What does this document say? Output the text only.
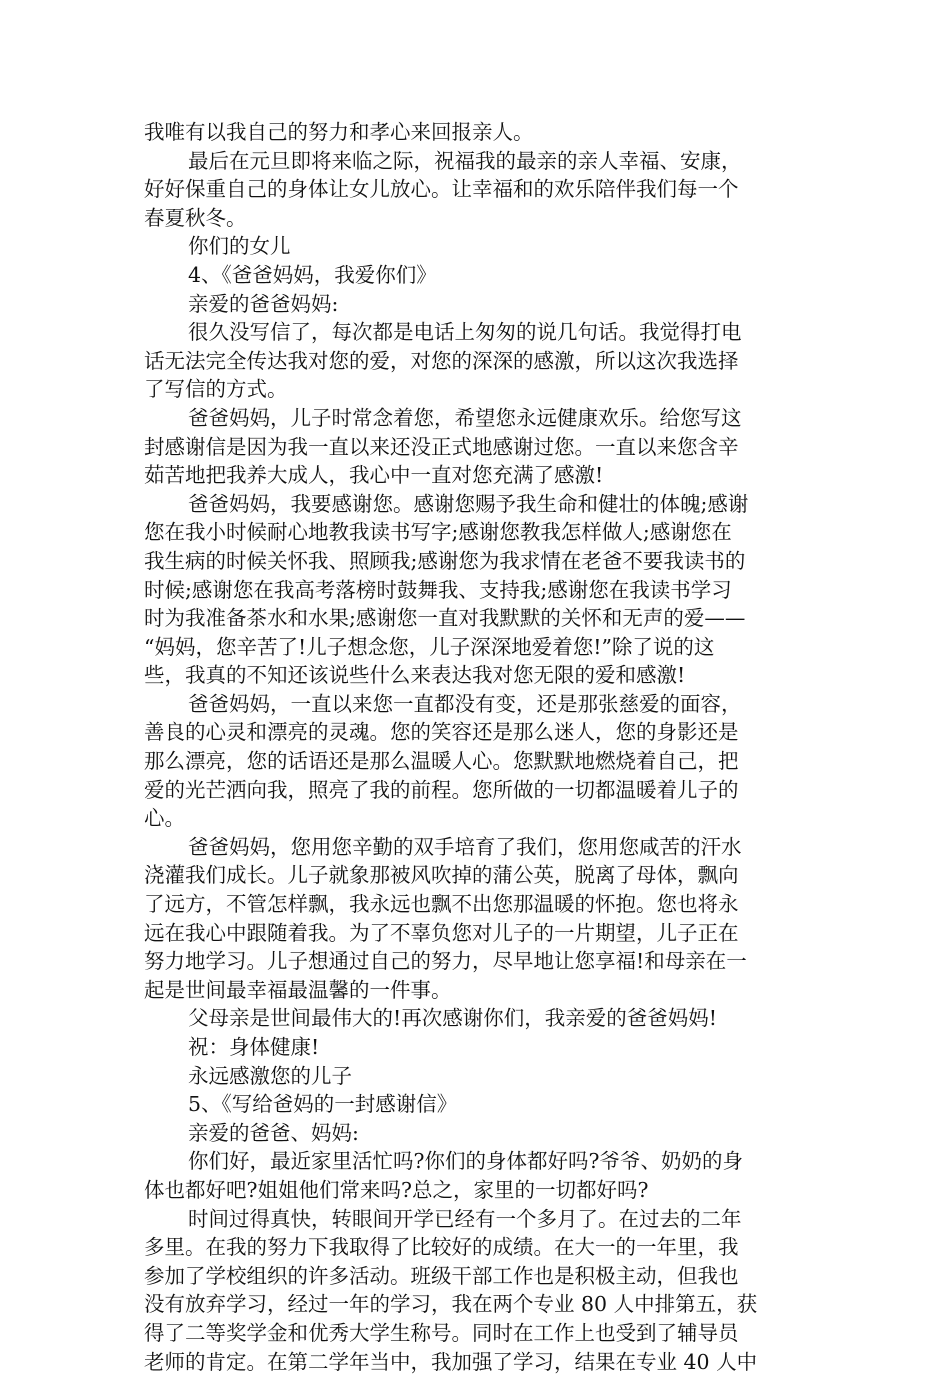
我唯有以我自己的努力和孝心来回报亲人。
最后在元旦即将来临之际，祝福我的最亲的亲人幸福、安康，
好好保重自己的身体让女儿放心。让幸福和的欢乐陪伴我们每一个
春夏秋冬。
你们的女儿
4、《爸爸妈妈，我爱你们》
亲爱的爸爸妈妈:
很久没写信了，每次都是电话上匆匆的说几句话。我觉得打电
话无法完全传达我对您的爱，对您的深深的感激，所以这次我选择
了写信的方式。
爸爸妈妈，儿子时常念着您，希望您永远健康欢乐。给您写这
封感谢信是因为我一直以来还没正式地感谢过您。一直以来您含辛
茹苦地把我养大成人，我心中一直对您充满了感激!
爸爸妈妈，我要感谢您。感谢您赐予我生命和健壮的体魄;感谢
您在我小时候耐心地教我读书写字;感谢您教我怎样做人;感谢您在
我生病的时候关怀我、照顾我;感谢您为我求情在老爸不要我读书的
时候;感谢您在我高考落榜时鼓舞我、支持我;感谢您在我读书学习
时为我准备茶水和水果;感谢您一直对我默默的关怀和无声的爱——
“妈妈，您辛苦了!儿子想念您，儿子深深地爱着您!”除了说的这
些，我真的不知还该说些什么来表达我对您无限的爱和感激!
爸爸妈妈，一直以来您一直都没有变，还是那张慈爱的面容，
善良的心灵和漂亮的灵魂。您的笑容还是那么迷人，您的身影还是
那么漂亮，您的话语还是那么温暖人心。您默默地燃烧着自己，把
爱的光芒洒向我，照亮了我的前程。您所做的一切都温暖着儿子的
心。
爸爸妈妈，您用您辛勤的双手培育了我们，您用您咸苦的汗水
浇灌我们成长。儿子就象那被风吹掉的蒲公英，脱离了母体，飘向
了远方，不管怎样飘，我永远也飘不出您那温暖的怀抱。您也将永
远在我心中跟随着我。为了不辜负您对儿子的一片期望，儿子正在
努力地学习。儿子想通过自己的努力，尽早地让您享福!和母亲在一
起是世间最幸福最温馨的一件事。
父母亲是世间最伟大的!再次感谢你们，我亲爱的爸爸妈妈!
祝：身体健康!
永远感激您的儿子
5、《写给爸妈的一封感谢信》
亲爱的爸爸、妈妈:
你们好，最近家里活忙吗?你们的身体都好吗?爷爷、奶奶的身
体也都好吧?姐姐他们常来吗?总之，家里的一切都好吗?
时间过得真快，转眼间开学已经有一个多月了。在过去的二年
多里。在我的努力下我取得了比较好的成绩。在大一的一年里，我
参加了学校组织的许多活动。班级干部工作也是积极主动，但我也
没有放弃学习，经过一年的学习，我在两个专业 80 人中排第五，获
得了二等奖学金和优秀大学生称号。同时在工作上也受到了辅导员
老师的肯定。在第二学年当中，我加强了学习，结果在专业 40 人中
